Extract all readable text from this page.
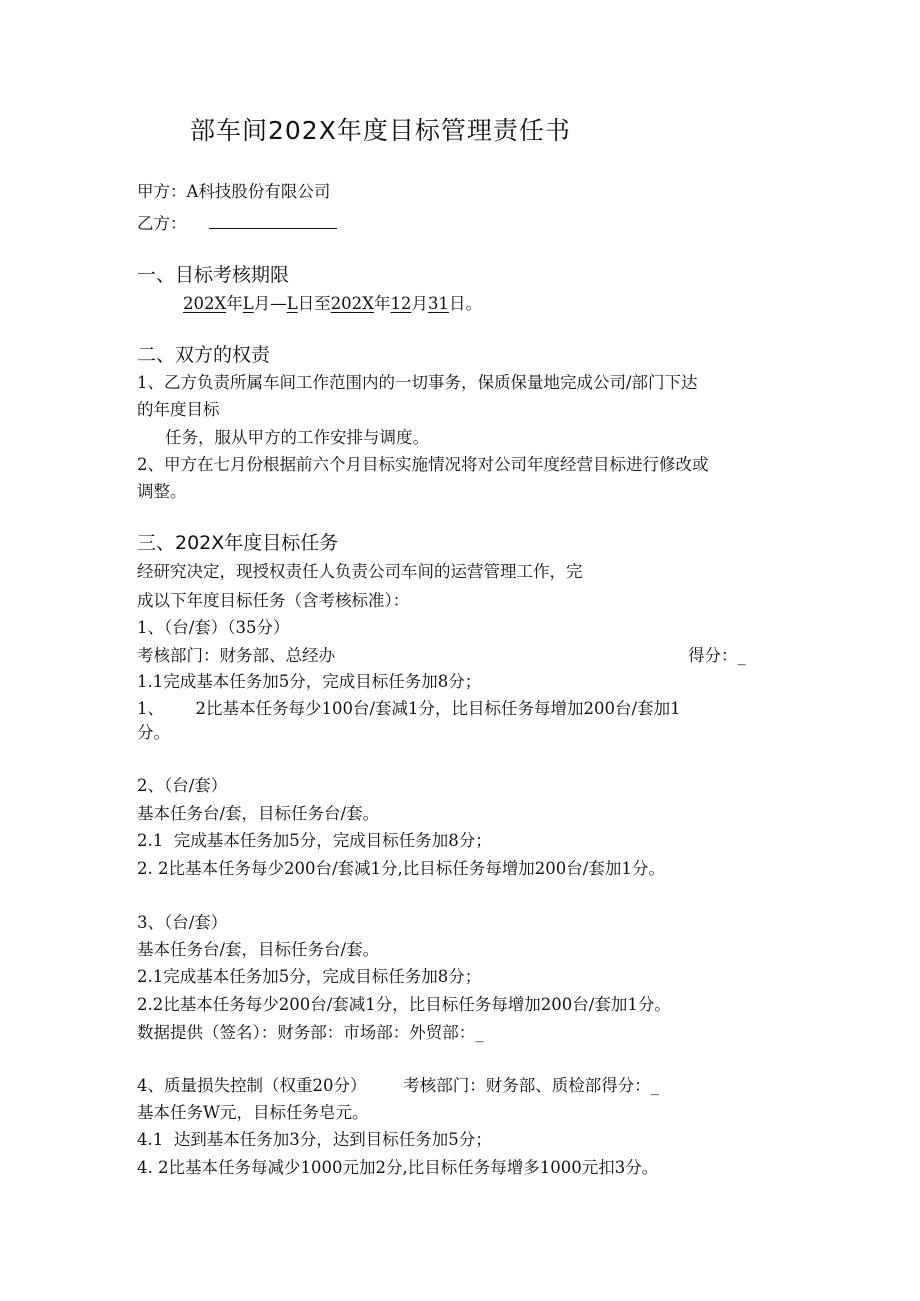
部车间202X年度目标管理责任书

甲方：A科技股份有限公司

乙方：

一、目标考核期限

202X年L月—L日至202X年12月31日。

二、双方的权责

1、乙方负责所属车间工作范围内的一切事务，保质保量地完成公司/部门下达

的年度目标

任务，服从甲方的工作安排与调度。

2、甲方在七月份根据前六个月目标实施情况将对公司年度经营目标进行修改或

调整。

三、202X年度目标任务

经研究决定，现授权责任人负责公司车间的运营管理工作，完

成以下年度目标任务（含考核标准）：

1、（台/套）（35分）

考核部门：财务部、总经办	得分：_

1.1完成基本任务加5分，完成目标任务加8分；

1、      2比基本任务每少100台/套减1分，比目标任务每增加200台/套加1

分。

2、（台/套）

基本任务台/套，目标任务台/套。

2.1  完成基本任务加5分，完成目标任务加8分；

2. 2比基本任务每少200台/套减1分,比目标任务每增加200台/套加1分。

3、（台/套）

基本任务台/套，目标任务台/套。

2.1完成基本任务加5分，完成目标任务加8分；

2.2比基本任务每少200台/套减1分，比目标任务每增加200台/套加1分。

数据提供（签名）：财务部：市场部：外贸部：_

4、质量损失控制（权重20分）       考核部门：财务部、质检部得分：_

基本任务W元，目标任务皂元。

4.1  达到基本任务加3分，达到目标任务加5分；

4. 2比基本任务每减少1000元加2分,比目标任务每增多1000元扣3分。
